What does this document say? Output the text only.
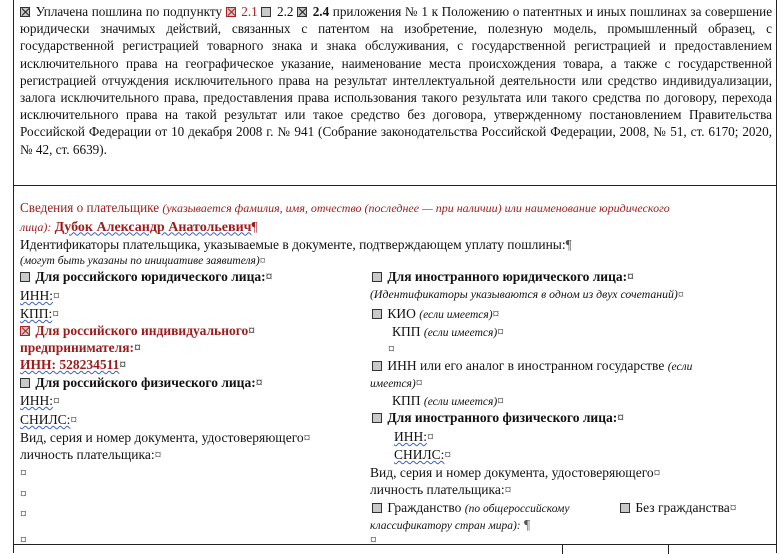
Уплачена пошлина по подпункту 2.1 2.2 2.4 приложения № 1 к Положению о патентных и иных пошлинах за совершение юридически значимых действий, связанных с патентом на изобретение, полезную модель, промышленный образец, с государственной регистрацией товарного знака и знака обслуживания, с государственной регистрацией и предоставлением исключительного права на географическое указание, наименование места происхождения товара, а также с государственной регистрацией отчуждения исключительного права на результат интеллектуальной деятельности или средство индивидуализации, залога исключительного права, предоставления права использования такого результата или такого средства по договору, перехода исключительного права на такой результат или такое средство без договора, утвержденному постановлением Правительства Российской Федерации от 10 декабря 2008 г. № 941 (Собрание законодательства Российской Федерации, 2008, № 51, ст. 6170; 2020, № 42, ст. 6639).
Сведения о плательщике (указывается фамилия, имя, отчество (последнее — при наличии) или наименование юридического
лица): Дубок Александр Анатольевич¶
Идентификаторы плательщика, указываемые в документе, подтверждающем уплату пошлины:¶
(могут быть указаны по инициативе заявителя)¤
Для российского юридического лица:¤
ИНН:¤
КПП:¤
Для российского индивидуального¤
предпринимателя:¤
ИНН: 528234511¤
Для российского физического лица:¤
ИНН:¤
СНИЛС:¤
Вид, серия и номер документа, удостоверяющего¤
личность плательщика:¤
¤
¤
¤
¤
Для иностранного юридического лица:¤
(Идентификаторы указываются в одном из двух сочетаний)¤
КИО (если имеется)¤
КПП (если имеется)¤
¤
ИНН или его аналог в иностранном государстве (если
имеется)¤
КПП (если имеется)¤
Для иностранного физического лица:¤
ИНН:¤
СНИЛС:¤
Вид, серия и номер документа, удостоверяющего¤
личность плательщика:¤
Гражданство (по общероссийскому	Без гражданства¤
классификатору стран мира): ¶
¤
